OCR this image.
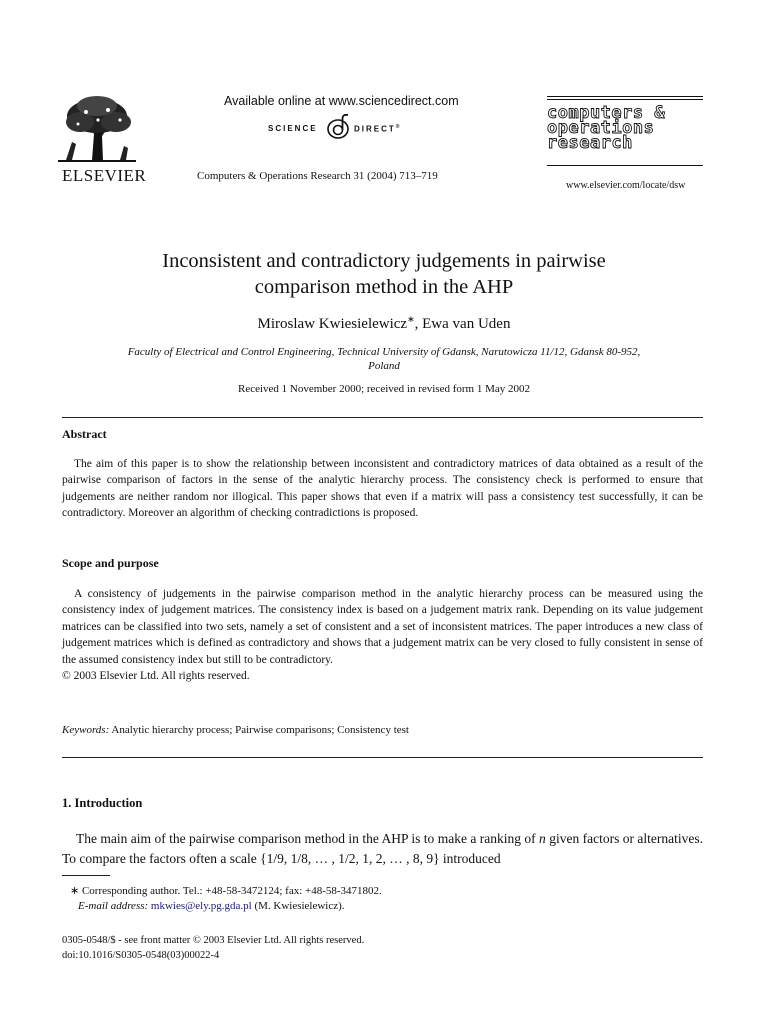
ELSEVIER
Available online at www.sciencedirect.com
SCIENCE	DIRECT®
Computers & Operations Research 31 (2004) 713–719
computers &
operations
research
www.elsevier.com/locate/dsw
Inconsistent and contradictory judgements in pairwise
comparison method in the AHP
Miroslaw Kwiesielewicz∗, Ewa van Uden
Faculty of Electrical and Control Engineering, Technical University of Gdansk, Narutowicza 11/12, Gdansk 80-952,
Poland
Received 1 November 2000; received in revised form 1 May 2002
Abstract

The aim of this paper is to show the relationship between inconsistent and contradictory matrices of data obtained as a result of the pairwise comparison of factors in the sense of the analytic hierarchy process. The consistency check is performed to ensure that judgements are neither random nor illogical. This paper shows that even if a matrix will pass a consistency test successfully, it can be contradictory. Moreover an algorithm of checking contradictions is proposed.

Scope and purpose

A consistency of judgements in the pairwise comparison method in the analytic hierarchy process can be measured using the consistency index of judgement matrices. The consistency index is based on a judgement matrix rank. Depending on its value judgement matrices can be classified into two sets, namely a set of consistent and a set of inconsistent matrices. The paper introduces a new class of judgement matrices which is defined as contradictory and shows that a judgement matrix can be very closed to fully consistent in sense of the assumed consistency index but still to be contradictory.

© 2003 Elsevier Ltd. All rights reserved.

Keywords: Analytic hierarchy process; Pairwise comparisons; Consistency test
1. Introduction

The main aim of the pairwise comparison method in the AHP is to make a ranking of n given factors or alternatives. To compare the factors often a scale {1/9, 1/8, … , 1/2, 1, 2, … , 8, 9} introduced

∗ Corresponding author. Tel.: +48-58-3472124; fax: +48-58-3471802.
E-mail address: mkwies@ely.pg.gda.pl (M. Kwiesielewicz).
0305-0548/$ - see front matter © 2003 Elsevier Ltd. All rights reserved.
doi:10.1016/S0305-0548(03)00022-4
